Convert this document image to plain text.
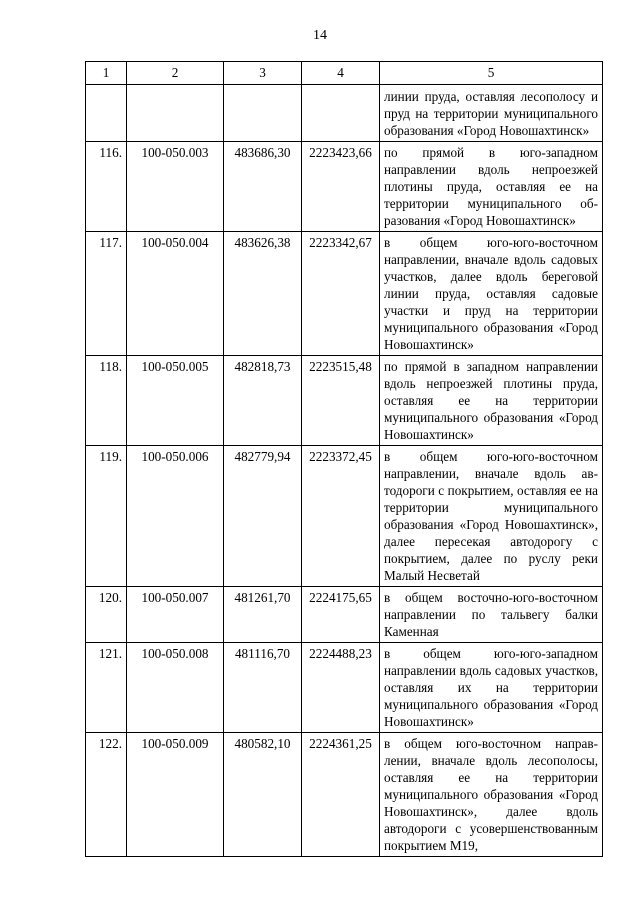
14
1	2	3	4	5
				линии пруда, оставляя лесополосу и пруд на территории муниципального образования «Город Новошахтинск»
116.	100-050.003	483686,30	2223423,66	по прямой в юго-западном направлении вдоль непроезжей плотины пруда, оставляя ее на территории муниципального образования «Город Новошахтинск»
117.	100-050.004	483626,38	2223342,67	в общем юго-юго-восточном направлении, вначале вдоль садовых участков, далее вдоль береговой линии пруда, оставляя садовые участки и пруд на территории муниципального образования «Город Новошахтинск»
118.	100-050.005	482818,73	2223515,48	по прямой в западном направлении вдоль непроезжей плотины пруда, оставляя ее на территории муниципального образования «Город Новошахтинск»
119.	100-050.006	482779,94	2223372,45	в общем юго-юго-восточном направлении, вначале вдоль автодороги с покрытием, оставляя ее на территории муниципального образования «Город Новошахтинск», далее пересекая автодорогу с покрытием, далее по руслу реки Малый Несветай
120.	100-050.007	481261,70	2224175,65	в общем восточно-юго-восточном направлении по тальвегу балки Каменная
121.	100-050.008	481116,70	2224488,23	в общем юго-юго-западном направлении вдоль садовых участков, оставляя их на территории муниципального образования «Город Новошахтинск»
122.	100-050.009	480582,10	2224361,25	в общем юго-восточном направлении, вначале вдоль лесополосы, оставляя ее на территории муниципального образования «Город Новошахтинск», далее вдоль автодороги с усовершенствованным покрытием М19,
